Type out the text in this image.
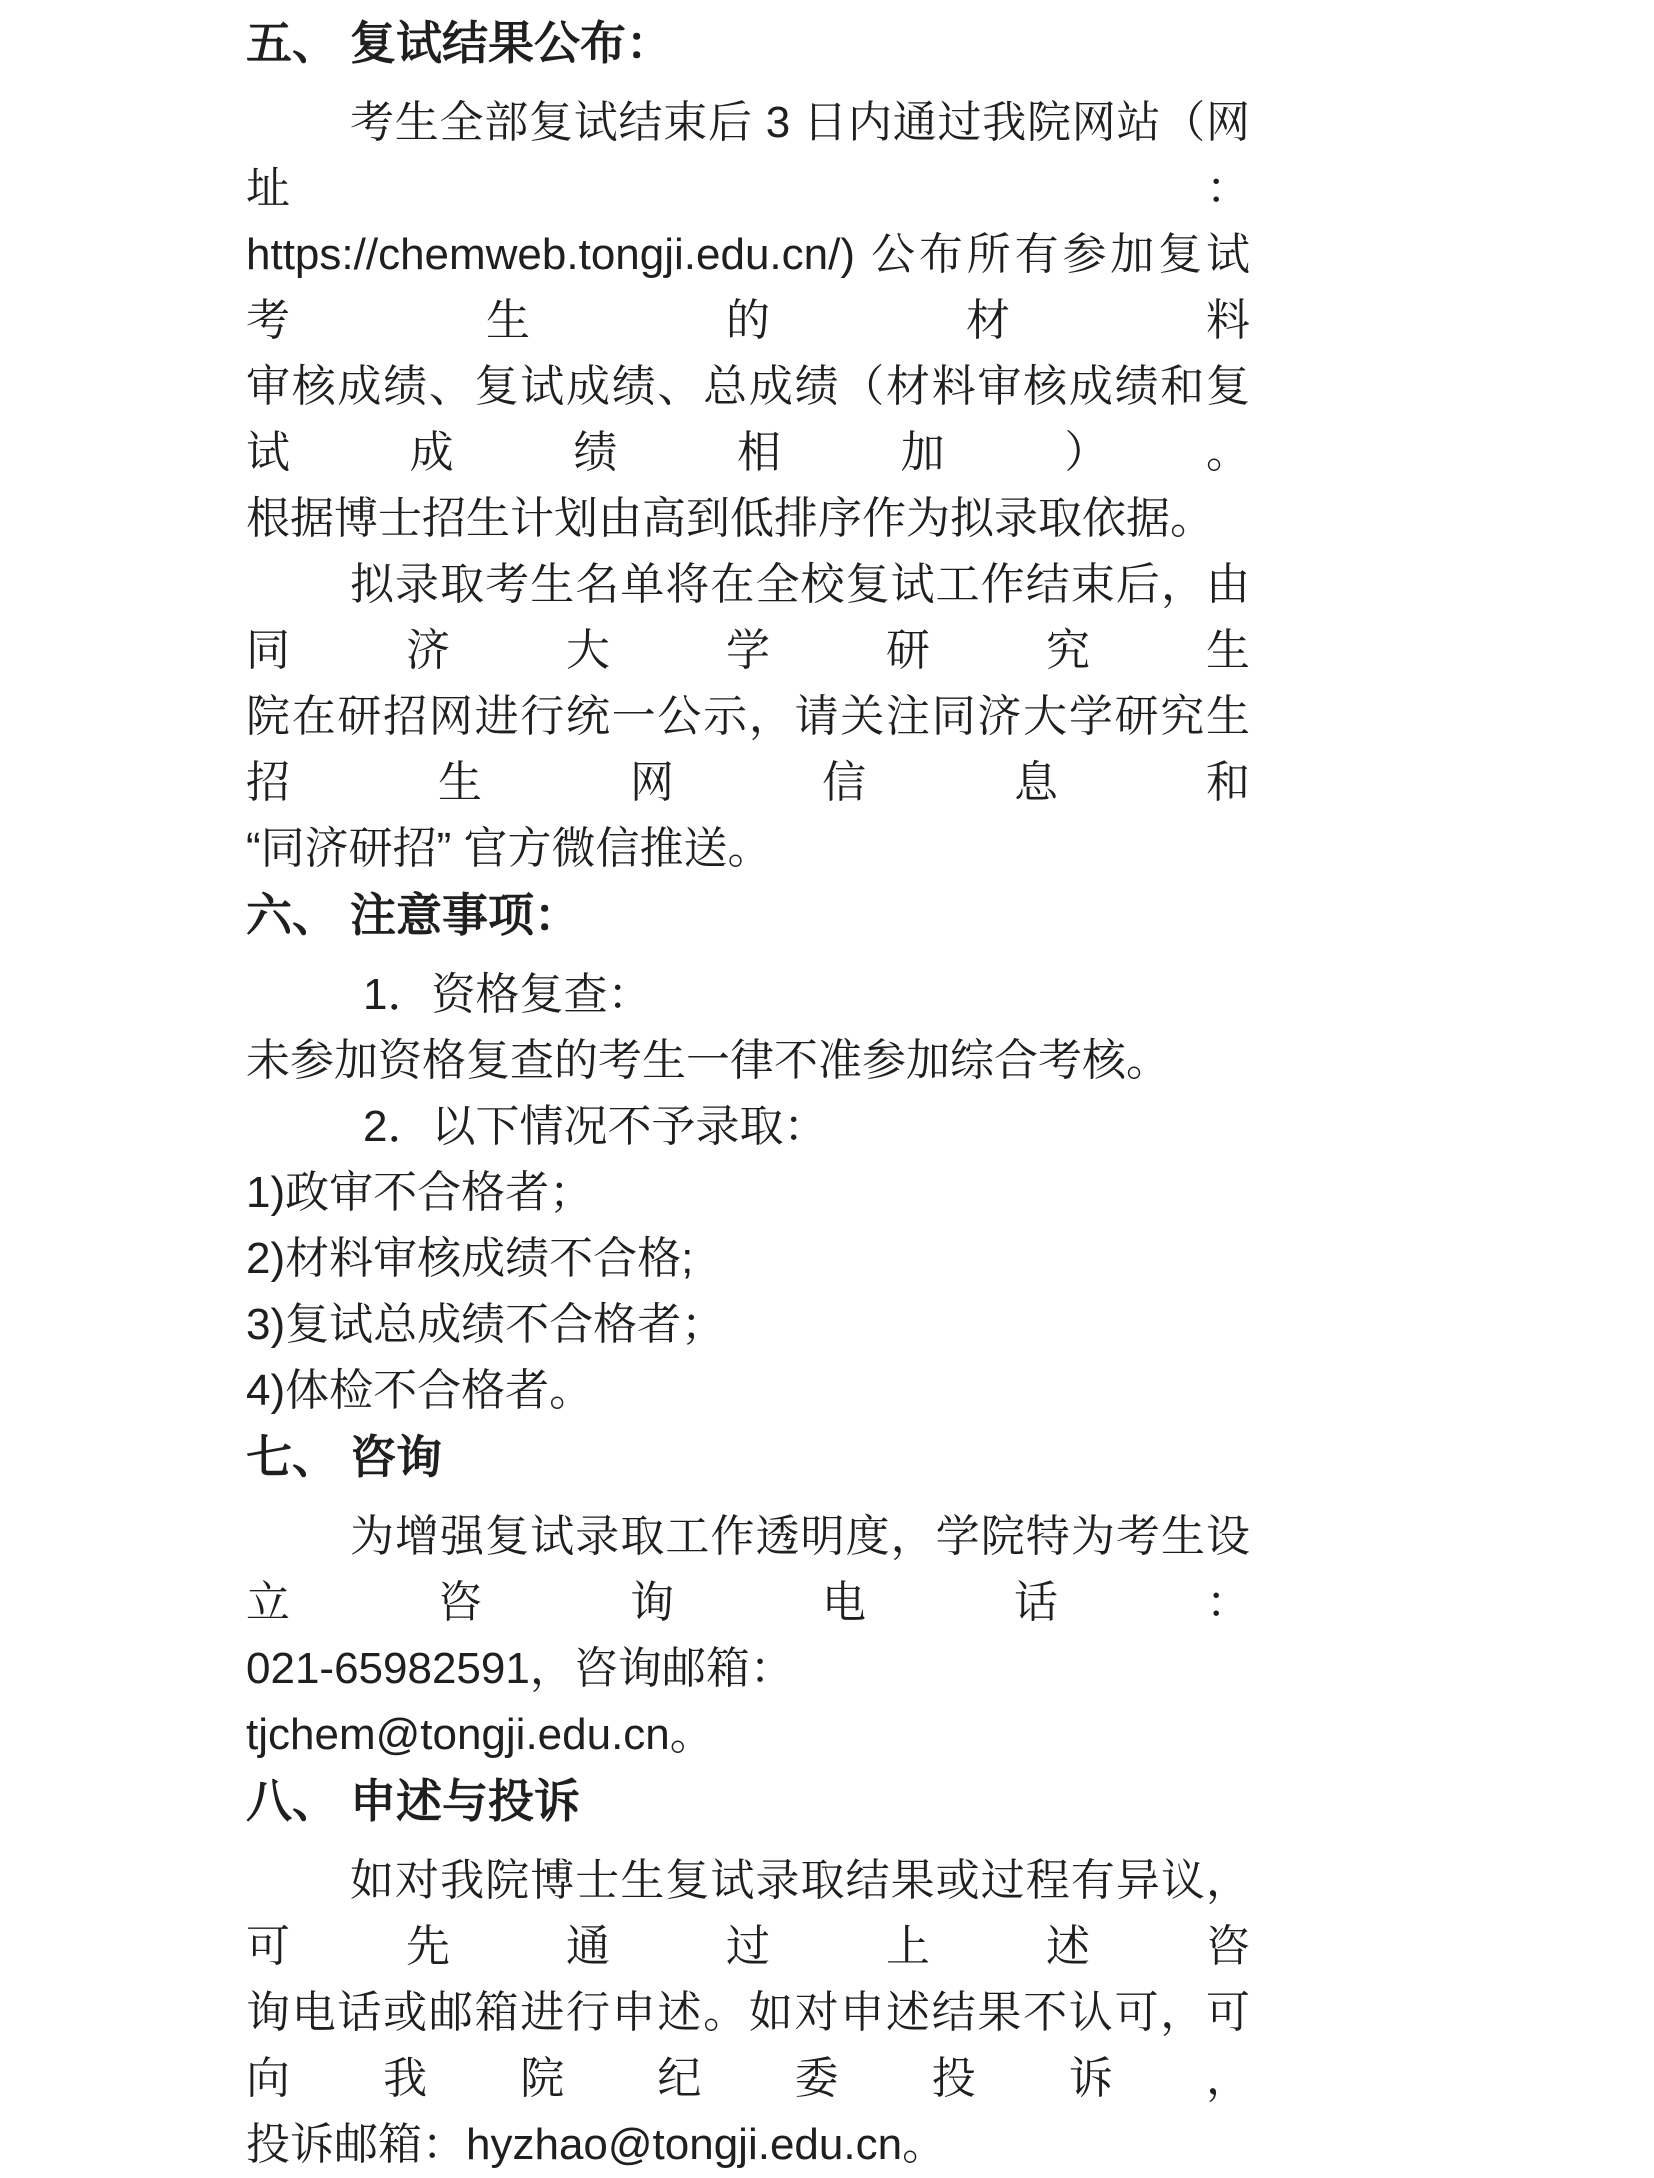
五、 复试结果公布：
考生全部复试结束后 3 日内通过我院网站（网址：
https://chemweb.tongji.edu.cn/) 公布所有参加复试考生的材料
审核成绩、复试成绩、总成绩（材料审核成绩和复试成绩相加）。
根据博士招生计划由高到低排序作为拟录取依据。
拟录取考生名单将在全校复试工作结束后，由同济大学研究生
院在研招网进行统一公示，请关注同济大学研究生招生网信息和
“同济研招” 官方微信推送。
六、 注意事项：
1．资格复查：
未参加资格复查的考生一律不准参加综合考核。
2．以下情况不予录取：
1)政审不合格者；
2)材料审核成绩不合格;
3)复试总成绩不合格者；
4)体检不合格者。
七、 咨询
为增强复试录取工作透明度，学院特为考生设立咨询电话：
021-65982591，咨询邮箱：tjchem@tongji.edu.cn。
八、 申述与投诉
如对我院博士生复试录取结果或过程有异议，可先通过上述咨
询电话或邮箱进行申述。如对申述结果不认可，可向我院纪委投诉，
投诉邮箱：hyzhao@tongji.edu.cn。
